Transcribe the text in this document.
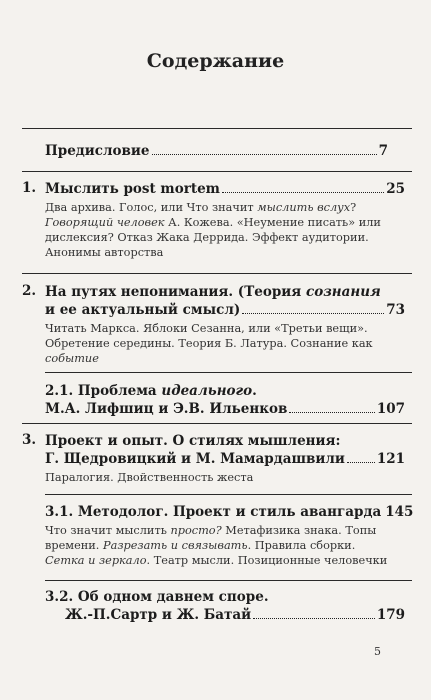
Содержание
Предисловие	7
1. Мыслить post mortem	25
Два архива. Голос, или Что значит мыслить вслух?
Говорящий человек А. Кожева. «Неумение писать» или
дислексия? Отказ Жака Деррида. Эффект аудитории.
Анонимы авторства
2. На путях непонимания. (Теория сознания
и ее актуальный смысл)	73
Читать Маркса. Яблоки Сезанна, или «Третьи вещи».
Обретение середины. Теория Б. Латура. Сознание как
событие
2.1. Проблема идеального.
М.А. Лифшиц и Э.В. Ильенков	107
3. Проект и опыт. О стилях мышления:
Г. Щедровицкий и М. Мамардашвили 121
Паралогия. Двойственность жеста
3.1. Методолог. Проект и стиль авангарда 145
Что значит мыслить просто? Метафизика знака. Топы
времени. Разрезать и связывать. Правила сборки.
Сетка и зеркало. Театр мысли. Позиционные человечки
3.2. Об одном давнем споре.
Ж.-П.Сартр и Ж. Батай	179
5
